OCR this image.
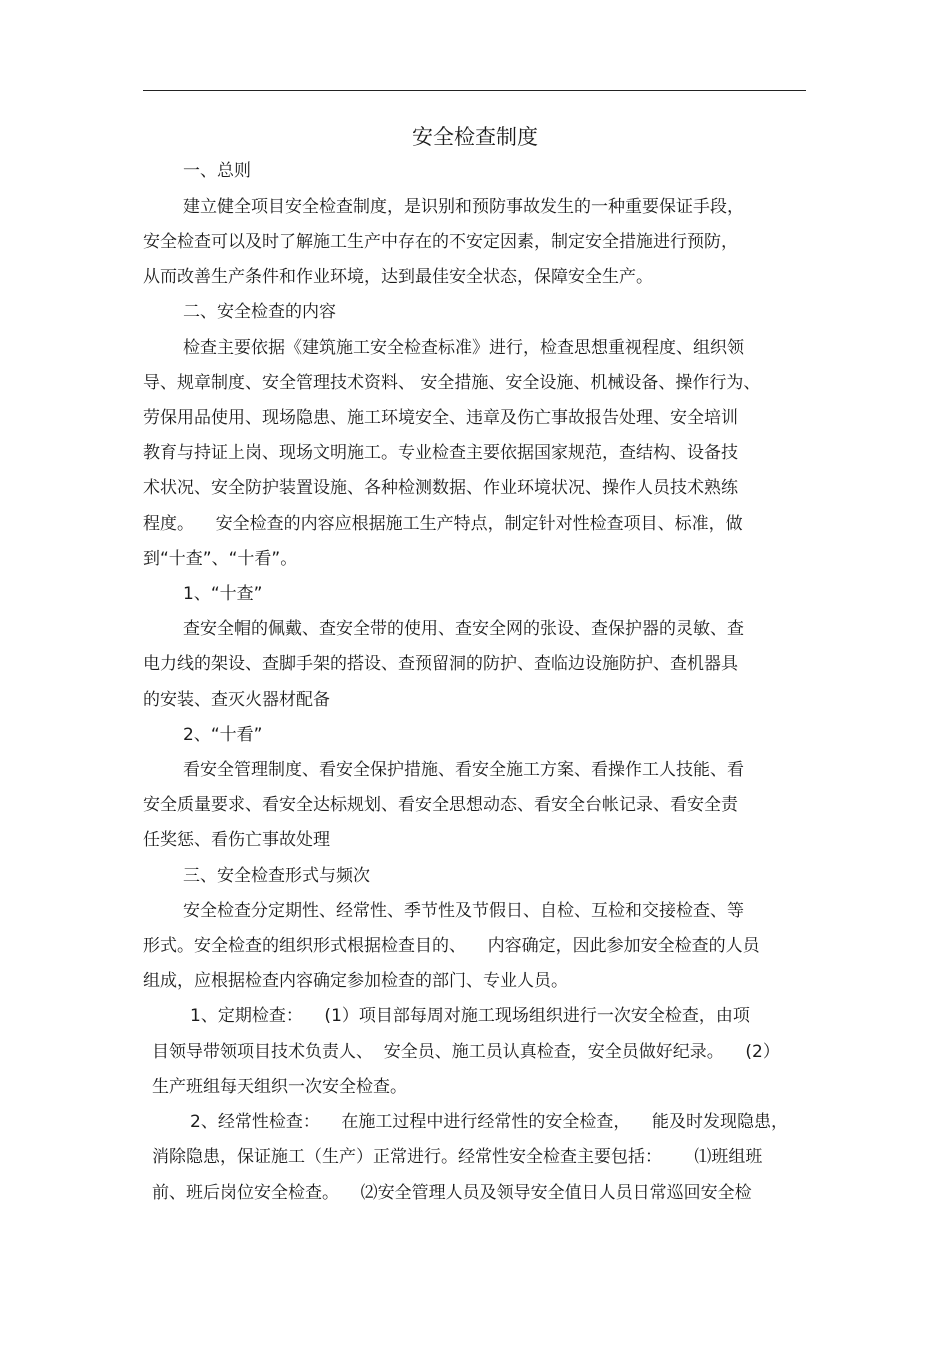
安全检查制度
一、总则
建立健全项目安全检查制度，是识别和预防事故发生的一种重要保证手段，
安全检查可以及时了解施工生产中存在的不安定因素，制定安全措施进行预防，
从而改善生产条件和作业环境，达到最佳安全状态，保障安全生产。
二、安全检查的内容
检查主要依据《建筑施工安全检查标准》进行，检查思想重视程度、组织领
导、规章制度、安全管理技术资料、 安全措施、安全设施、机械设备、操作行为、
劳保用品使用、现场隐患、施工环境安全、违章及伤亡事故报告处理、安全培训
教育与持证上岗、现场文明施工。专业检查主要依据国家规范，查结构、设备技
术状况、安全防护装置设施、各种检测数据、作业环境状况、操作人员技术熟练
程度。    安全检查的内容应根据施工生产特点，制定针对性检查项目、标准，做
到“十查”、“十看”。
1、“十查”
查安全帽的佩戴、查安全带的使用、查安全网的张设、查保护器的灵敏、查
电力线的架设、查脚手架的搭设、查预留洞的防护、查临边设施防护、查机器具
的安装、查灭火器材配备
2、“十看”
看安全管理制度、看安全保护措施、看安全施工方案、看操作工人技能、看
安全质量要求、看安全达标规划、看安全思想动态、看安全台帐记录、看安全责
任奖惩、看伤亡事故处理
三、安全检查形式与频次
安全检查分定期性、经常性、季节性及节假日、自检、互检和交接检查、等
形式。安全检查的组织形式根据检查目的、    内容确定，因此参加安全检查的人员
组成，应根据检查内容确定参加检查的部门、专业人员。
1、定期检查：    (1）项目部每周对施工现场组织进行一次安全检查，由项
目领导带领项目技术负责人、  安全员、施工员认真检查，安全员做好纪录。    (2）
生产班组每天组织一次安全检查。
2、经常性检查：    在施工过程中进行经常性的安全检查，    能及时发现隐患，
消除隐患，保证施工（生产）正常进行。经常性安全检查主要包括：      ⑴班组班
前、班后岗位安全检查。    ⑵安全管理人员及领导安全值日人员日常巡回安全检
